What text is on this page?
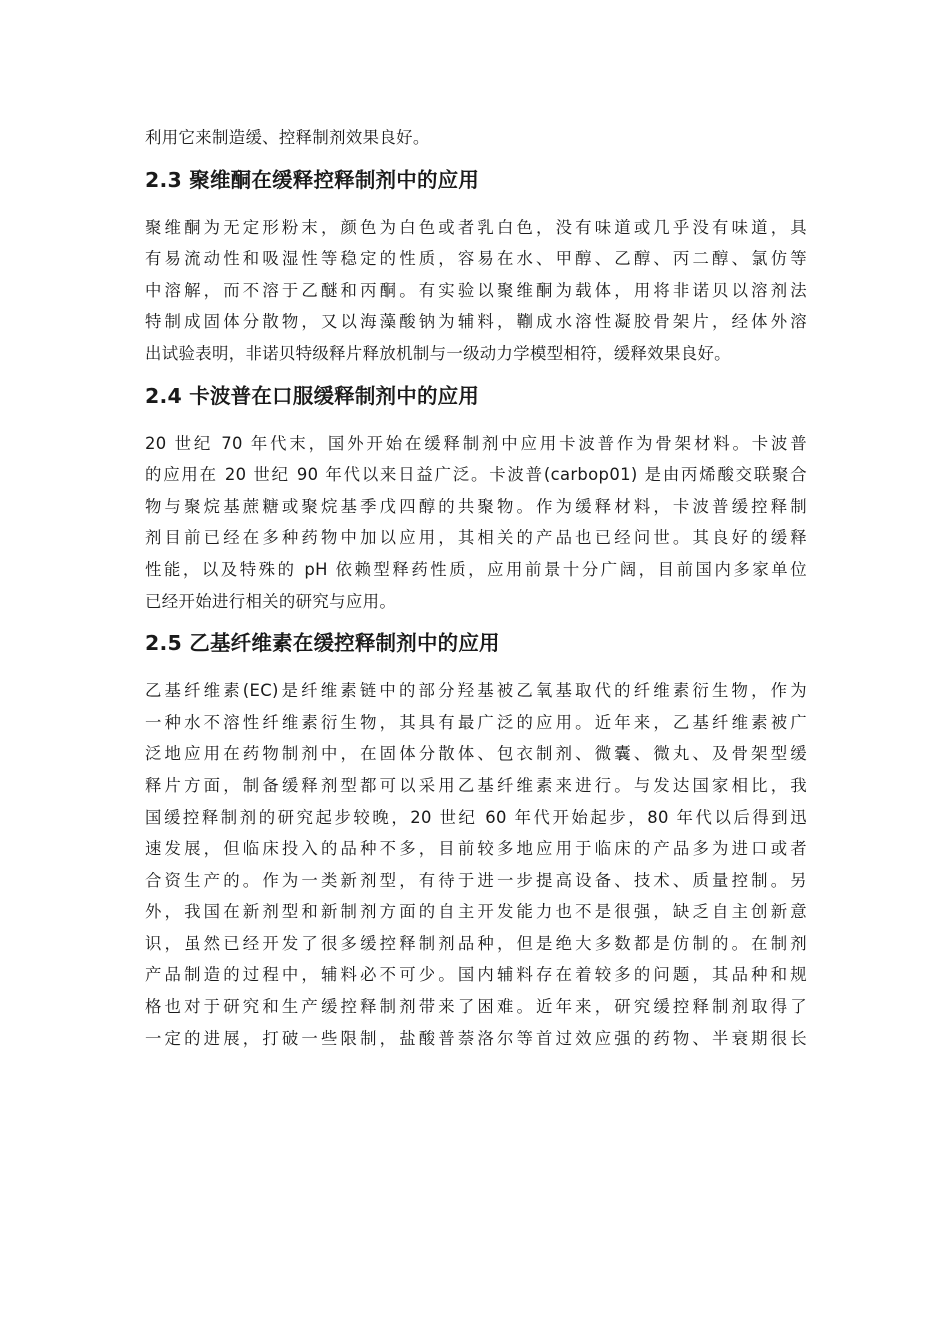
利用它来制造缓、控释制剂效果良好。

2.3 聚维酮在缓释控释制剂中的应用

聚维酮为无定形粉末，颜色为白色或者乳白色，没有味道或几乎没有味道，具
有易流动性和吸湿性等稳定的性质，容易在水、甲醇、乙醇、丙二醇、氯仿等
中溶解，而不溶于乙醚和丙酮。有实验以聚维酮为载体，用将非诺贝以溶剂法
特制成固体分散物，又以海藻酸钠为辅料，鞩成水溶性凝胶骨架片，经体外溶
出试验表明，非诺贝特级释片释放机制与一级动力学模型相符，缓释效果良好。

2.4 卡波普在口服缓释制剂中的应用

20 世纪 70 年代末，国外开始在缓释制剂中应用卡波普作为骨架材料。卡波普
的应用在 20 世纪 90 年代以来日益广泛。卡波普(carbop01) 是由丙烯酸交联聚合
物与聚烷基蔗糖或聚烷基季戊四醇的共聚物。作为缓释材料，卡波普缓控释制
剂目前已经在多种药物中加以应用，其相关的产品也已经问世。其良好的缓释
性能，以及特殊的 pH 依赖型释药性质，应用前景十分广阔，目前国内多家单位
已经开始进行相关的研究与应用。

2.5 乙基纤维素在缓控释制剂中的应用

乙基纤维素(EC)是纤维素链中的部分羟基被乙氧基取代的纤维素衍生物，作为
一种水不溶性纤维素衍生物，其具有最广泛的应用。近年来，乙基纤维素被广
泛地应用在药物制剂中，在固体分散体、包衣制剂、微囊、微丸、及骨架型缓
释片方面，制备缓释剂型都可以采用乙基纤维素来进行。与发达国家相比，我
国缓控释制剂的研究起步较晚，20 世纪 60 年代开始起步，80 年代以后得到迅
速发展，但临床投入的品种不多，目前较多地应用于临床的产品多为进口或者
合资生产的。作为一类新剂型，有待于进一步提高设备、技术、质量控制。另
外，我国在新剂型和新制剂方面的自主开发能力也不是很强，缺乏自主创新意
识，虽然已经开发了很多缓控释制剂品种，但是绝大多数都是仿制的。在制剂
产品制造的过程中，辅料必不可少。国内辅料存在着较多的问题，其品种和规
格也对于研究和生产缓控释制剂带来了困难。近年来，研究缓控释制剂取得了
一定的进展，打破一些限制，盐酸普萘洛尔等首过效应强的药物、半衰期很长
